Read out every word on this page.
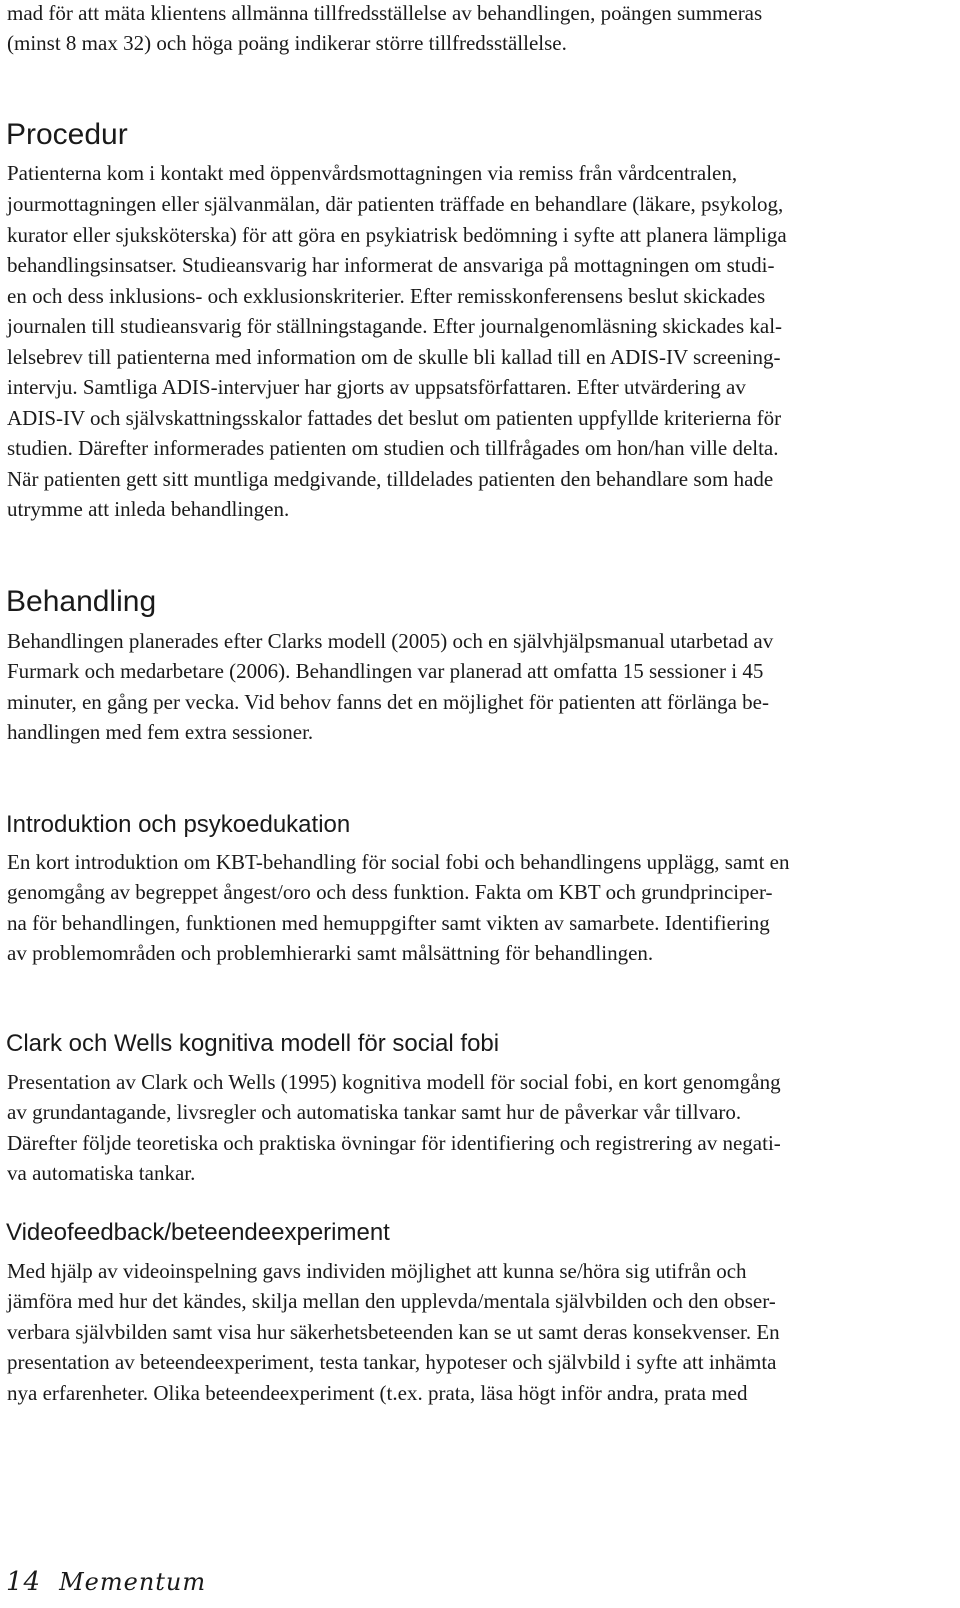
mad för att mäta klientens allmänna tillfredsställelse av behandlingen, poängen summeras
(minst 8 max 32) och höga poäng indikerar större tillfredsställelse.
Procedur
Patienterna kom i kontakt med öppenvårdsmottagningen via remiss från vårdcentralen,
jourmottagningen eller självanmälan, där patienten träffade en behandlare (läkare, psykolog,
kurator eller sjuksköterska) för att göra en psykiatrisk bedömning i syfte att planera lämpliga
behandlingsinsatser. Studieansvarig har informerat de ansvariga på mottagningen om studi-
en och dess inklusions- och exklusionskriterier. Efter remisskonferensens beslut skickades
journalen till studieansvarig för ställningstagande. Efter journalgenomläsning skickades kal-
lelsebrev till patienterna med information om de skulle bli kallad till en ADIS-IV screening-
intervju. Samtliga ADIS-intervjuer har gjorts av uppsatsförfattaren. Efter utvärdering av
ADIS-IV och självskattningsskalor fattades det beslut om patienten uppfyllde kriterierna för
studien. Därefter informerades patienten om studien och tillfrågades om hon/han ville delta.
När patienten gett sitt muntliga medgivande, tilldelades patienten den behandlare som hade
utrymme att inleda behandlingen.
Behandling
Behandlingen planerades efter Clarks modell (2005) och en självhjälpsmanual utarbetad av
Furmark och medarbetare (2006). Behandlingen var planerad att omfatta 15 sessioner i 45
minuter, en gång per vecka. Vid behov fanns det en möjlighet för patienten att förlänga be-
handlingen med fem extra sessioner.
Introduktion och psykoedukation
En kort introduktion om KBT-behandling för social fobi och behandlingens upplägg, samt en
genomgång av begreppet ångest/oro och dess funktion. Fakta om KBT och grundprinciper-
na för behandlingen, funktionen med hemuppgifter samt vikten av samarbete. Identifiering
av problemområden och problemhierarki samt målsättning för behandlingen.
Clark och Wells kognitiva modell för social fobi
Presentation av Clark och Wells (1995) kognitiva modell för social fobi, en kort genomgång
av grundantagande, livsregler och automatiska tankar samt hur de påverkar vår tillvaro.
Därefter följde teoretiska och praktiska övningar för identifiering och registrering av negati-
va automatiska tankar.
Videofeedback/beteendeexperiment
Med hjälp av videoinspelning gavs individen möjlighet att kunna se/höra sig utifrån och
jämföra med hur det kändes, skilja mellan den upplevda/mentala självbilden och den obser-
verbara självbilden samt visa hur säkerhetsbeteenden kan se ut samt deras konsekvenser. En
presentation av beteendeexperiment, testa tankar, hypoteser och självbild i syfte att inhämta
nya erfarenheter. Olika beteendeexperiment (t.ex. prata, läsa högt inför andra, prata med
14 Mementum
